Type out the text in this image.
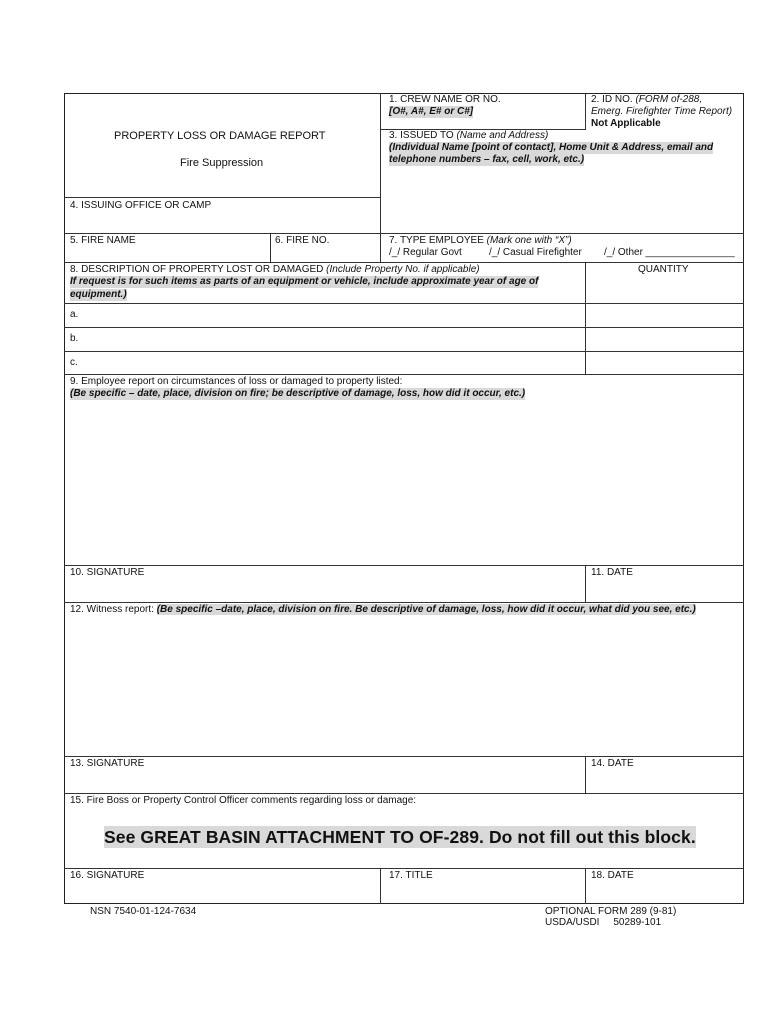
PROPERTY LOSS OR DAMAGE REPORT
Fire Suppression
1. CREW NAME OR NO.
[O#, A#, E# or C#]
2. ID NO. (FORM of-288,
Emerg. Firefighter Time Report)
Not Applicable
3. ISSUED TO (Name and Address)
(Individual Name [point of contact], Home Unit & Address, email and
telephone numbers – fax, cell, work, etc.)
4. ISSUING OFFICE OR CAMP
5. FIRE NAME	6. FIRE NO.	7. TYPE EMPLOYEE (Mark one with “X”)
/_/ Regular Govt	/_/ Casual Firefighter /_/ Other ________________
8. DESCRIPTION OF PROPERTY LOST OR DAMAGED (Include Property No. if applicable)
If request is for such items as parts of an equipment or vehicle, include approximate year of age of
equipment.)
QUANTITY
a.
b.
c.
9. Employee report on circumstances of loss or damaged to property listed:
(Be specific – date, place, division on fire; be descriptive of damage, loss, how did it occur, etc.)
10. SIGNATURE	11. DATE
12. Witness report: (Be specific –date, place, division on fire. Be descriptive of damage, loss, how did it occur, what did you see, etc.)
13. SIGNATURE	14. DATE
15. Fire Boss or Property Control Officer comments regarding loss or damage:
See GREAT BASIN ATTACHMENT TO OF-289. Do not fill out this block.
16. SIGNATURE	17. TITLE	18. DATE
NSN 7540-01-124-7634	OPTIONAL FORM 289 (9-81)
USDA/USDI     50289-101
